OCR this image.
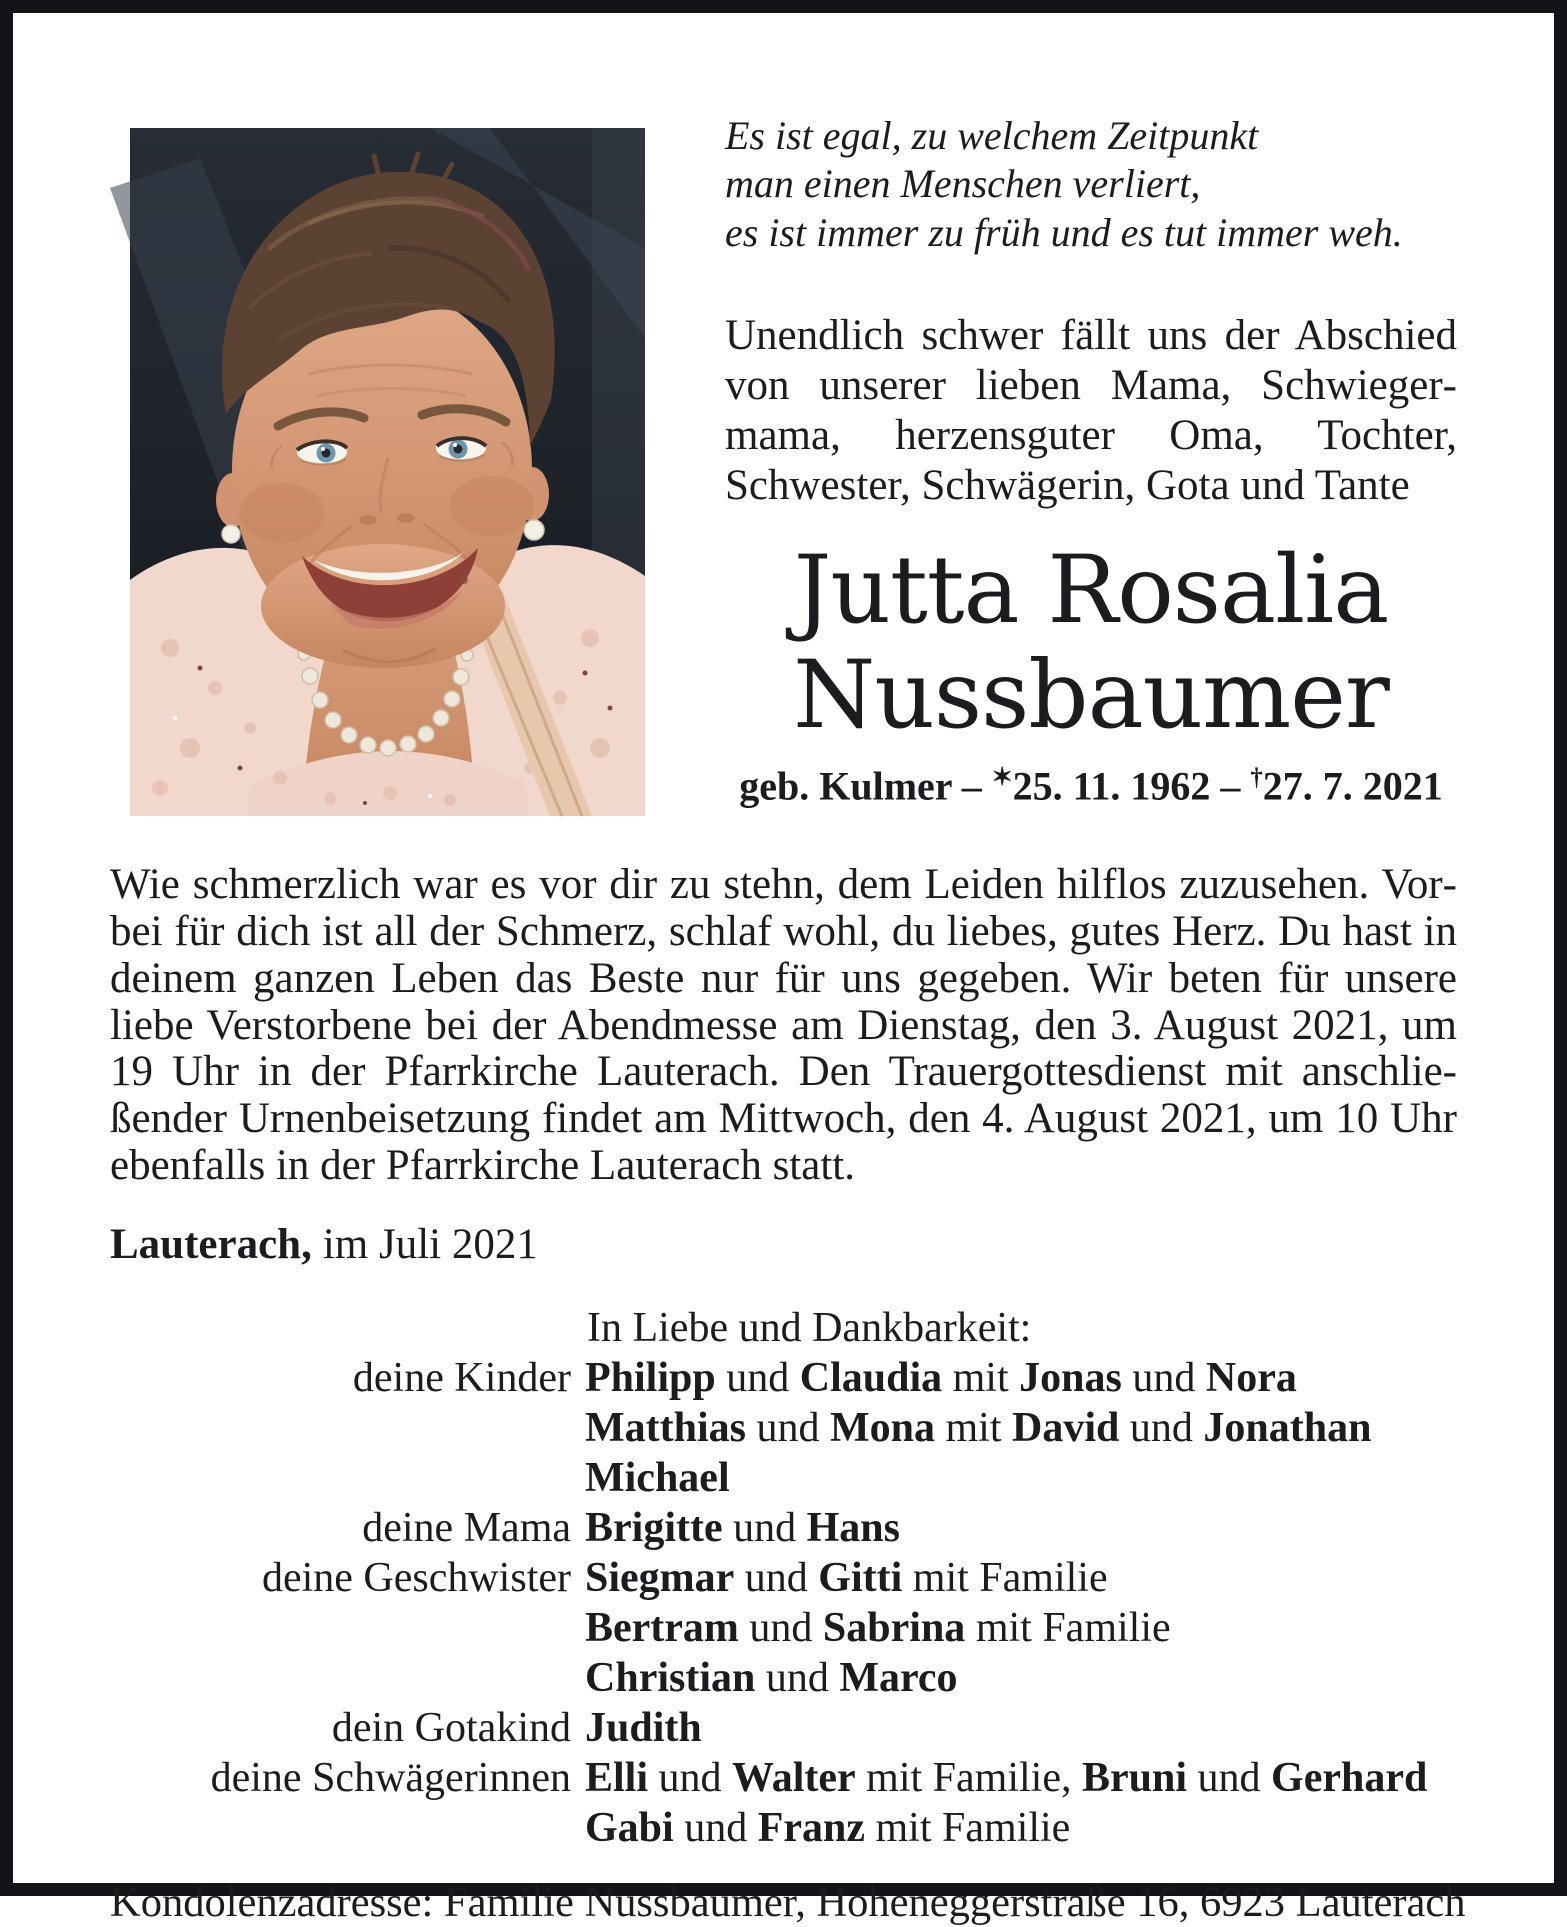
Es ist egal, zu welchem Zeitpunkt
man einen Menschen verliert,
es ist immer zu früh und es tut immer weh.

Unendlich schwer fällt uns der Abschied von unserer lieben Mama, Schwiegermama, herzensguter Oma, Tochter, Schwester, Schwägerin, Gota und Tante

Jutta Rosalia
Nussbaumer
geb. Kulmer – ✶25. 11. 1962 – †27. 7. 2021

Wie schmerzlich war es vor dir zu stehn, dem Leiden hilflos zuzusehen. Vorbei für dich ist all der Schmerz, schlaf wohl, du liebes, gutes Herz. Du hast in deinem ganzen Leben das Beste nur für uns gegeben. Wir beten für unsere liebe Verstorbene bei der Abendmesse am Dienstag, den 3. August 2021, um 19 Uhr in der Pfarrkirche Lauterach. Den Trauergottesdienst mit anschließender Urnenbeisetzung findet am Mittwoch, den 4. August 2021, um 10 Uhr ebenfalls in der Pfarrkirche Lauterach statt.

Lauterach, im Juli 2021

In Liebe und Dankbarkeit:
deine Kinder Philipp und Claudia mit Jonas und Nora
Matthias und Mona mit David und Jonathan
Michael
deine Mama Brigitte und Hans
deine Geschwister Siegmar und Gitti mit Familie
Bertram und Sabrina mit Familie
Christian und Marco
dein Gotakind Judith
deine Schwägerinnen Elli und Walter mit Familie, Bruni und Gerhard
Gabi und Franz mit Familie

Kondolenzadresse: Familie Nussbaumer, Hoheneggerstraße 16, 6923 Lauterach
